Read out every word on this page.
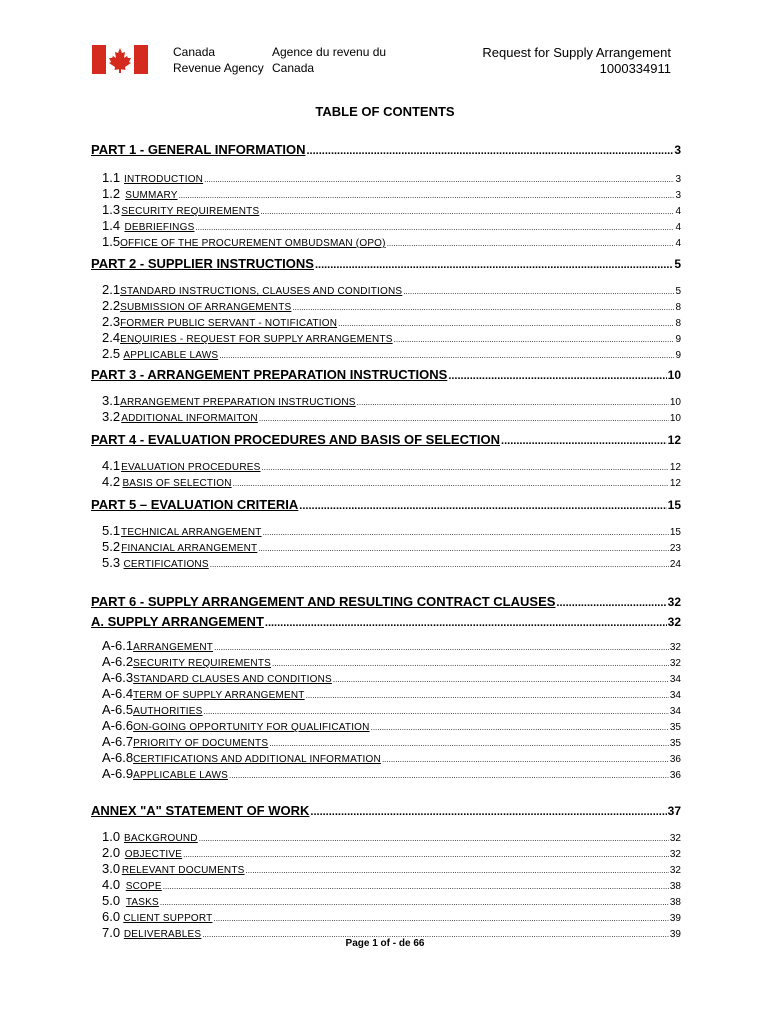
Canada
Revenue Agency
Agence du revenu du
Canada
Request for Supply Arrangement
1000334911
TABLE OF CONTENTS
PART 1 - GENERAL INFORMATION .....	3
1.1 INTRODUCTION .....	3
1.2 SUMMARY .....	3
1.3 SECURITY REQUIREMENTS .....	4
1.4 DEBRIEFINGS .....	4
1.5 OFFICE OF THE PROCUREMENT OMBUDSMAN (OPO) .....	4
PART 2 - SUPPLIER INSTRUCTIONS .....	5
2.1 STANDARD INSTRUCTIONS, CLAUSES AND CONDITIONS .....	5
2.2 SUBMISSION OF ARRANGEMENTS .....	8
2.3 FORMER PUBLIC SERVANT - NOTIFICATION .....	8
2.4 ENQUIRIES - REQUEST FOR SUPPLY ARRANGEMENTS .....	9
2.5 APPLICABLE LAWS .....	9
PART 3 - ARRANGEMENT PREPARATION INSTRUCTIONS .....	10
3.1 ARRANGEMENT PREPARATION INSTRUCTIONS .....	10
3.2 ADDITIONAL INFORMAITON .....	10
PART 4 - EVALUATION PROCEDURES AND BASIS OF SELECTION .....	12
4.1 EVALUATION PROCEDURES .....	12
4.2 BASIS OF SELECTION .....	12
PART 5 – EVALUATION CRITERIA .....	15
5.1 TECHNICAL ARRANGEMENT .....	15
5.2 FINANCIAL ARRANGEMENT .....	23
5.3 CERTIFICATIONS .....	24
PART 6 - SUPPLY ARRANGEMENT AND RESULTING CONTRACT CLAUSES .....	32
A. SUPPLY ARRANGEMENT .....	32
A-6.1 ARRANGEMENT .....	32
A-6.2 SECURITY REQUIREMENTS .....	32
A-6.3 STANDARD CLAUSES AND CONDITIONS .....	34
A-6.4 TERM OF SUPPLY ARRANGEMENT .....	34
A-6.5 AUTHORITIES .....	34
A-6.6 ON-GOING OPPORTUNITY FOR QUALIFICATION .....	35
A-6.7 PRIORITY OF DOCUMENTS .....	35
A-6.8 CERTIFICATIONS AND ADDITIONAL INFORMATION .....	36
A-6.9 APPLICABLE LAWS .....	36
ANNEX "A" STATEMENT OF WORK .....	37
1.0 BACKGROUND .....	32
2.0 OBJECTIVE .....	32
3.0 RELEVANT DOCUMENTS .....	32
4.0 SCOPE .....	38
5.0 TASKS .....	38
6.0 CLIENT SUPPORT .....	39
7.0 DELIVERABLES .....	39
Page 1 of - de 66
